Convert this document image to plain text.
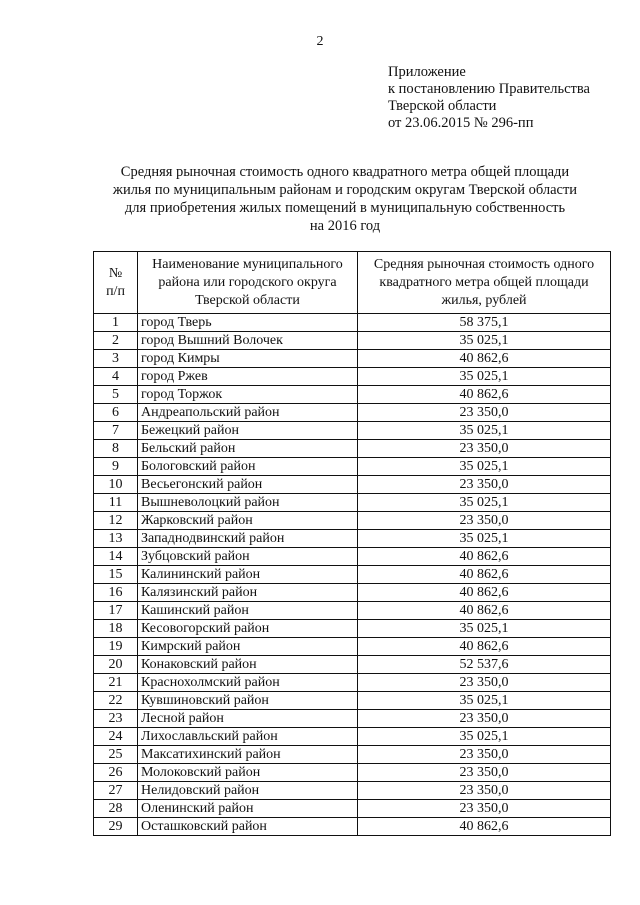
2
Приложение
к постановлению Правительства
Тверской области
от 23.06.2015 № 296-пп
Средняя рыночная стоимость одного квадратного метра общей площади
жилья по муниципальным районам и городским округам Тверской области
для приобретения жилых помещений в муниципальную собственность
на 2016 год
№
п/п	Наименование муниципального района или городского округа Тверской области	Средняя рыночная стоимость одного квадратного метра общей площади жилья, рублей
1	город Тверь	58 375,1
2	город Вышний Волочек	35 025,1
3	город Кимры	40 862,6
4	город Ржев	35 025,1
5	город Торжок	40 862,6
6	Андреапольский район	23 350,0
7	Бежецкий район	35 025,1
8	Бельский район	23 350,0
9	Бологовский район	35 025,1
10	Весьегонский район	23 350,0
11	Вышневолоцкий район	35 025,1
12	Жарковский район	23 350,0
13	Западнодвинский район	35 025,1
14	Зубцовский район	40 862,6
15	Калининский район	40 862,6
16	Калязинский район	40 862,6
17	Кашинский район	40 862,6
18	Кесовогорский район	35 025,1
19	Кимрский район	40 862,6
20	Конаковский район	52 537,6
21	Краснохолмский район	23 350,0
22	Кувшиновский район	35 025,1
23	Лесной район	23 350,0
24	Лихославльский район	35 025,1
25	Максатихинский район	23 350,0
26	Молоковский район	23 350,0
27	Нелидовский район	23 350,0
28	Оленинский район	23 350,0
29	Осташковский район	40 862,6
